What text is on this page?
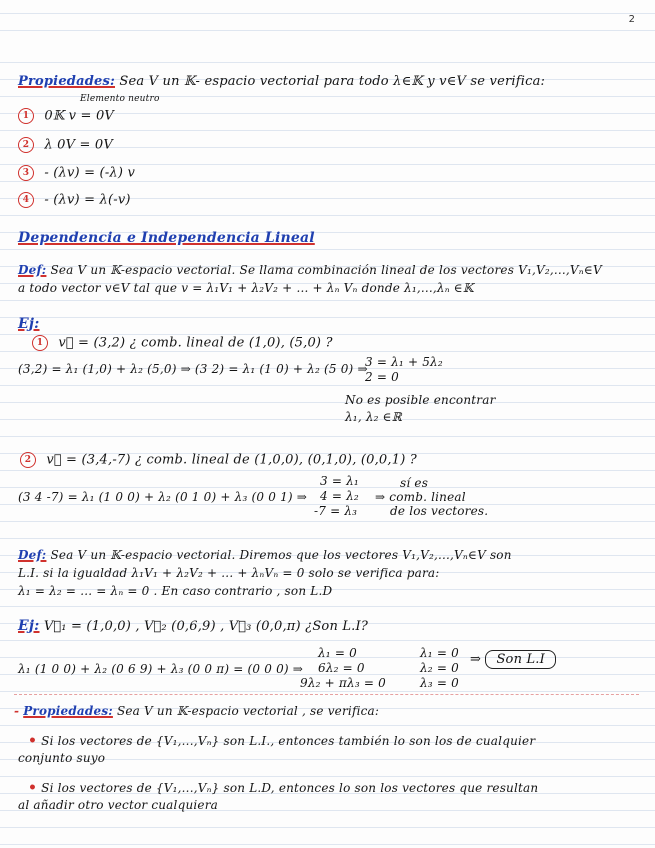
2
Propiedades: Sea V un 𝕂- espacio vectorial para todo λ∈𝕂 y v∈V se verifica:
Elemento neutro
1 0𝕂 v = 0V
2 λ 0V = 0V
3 - (λv) = (-λ) v
4 - (λv) = λ(-v)
Dependencia e Independencia Lineal
Def: Sea V un 𝕂-espacio vectorial. Se llama combinación lineal de los vectores V₁,V₂,...,Vₙ∈V
a todo vector v∈V tal que v = λ₁V₁ + λ₂V₂ + ... + λₙ Vₙ donde λ₁,...,λₙ ∈𝕂
Ej:
1 v⃗ = (3,2) ¿ comb. lineal de (1,0), (5,0) ?
(3,2) = λ₁ (1,0) + λ₂ (5,0) ⇒ (3 2) = λ₁ (1 0) + λ₂ (5 0) ⇒
3 = λ₁ + 5λ₂
2 = 0
No es posible encontrar
λ₁, λ₂ ∈ℝ
2 v⃗ = (3,4,-7) ¿ comb. lineal de (1,0,0), (0,1,0), (0,0,1) ?
(3 4 -7) = λ₁ (1 0 0) + λ₂ (0 1 0) + λ₃ (0 0 1) ⇒
3 = λ₁
4 = λ₂
-7 = λ₃
sí es
⇒ comb. lineal
de los vectores.
Def: Sea V un 𝕂-espacio vectorial. Diremos que los vectores V₁,V₂,...,Vₙ∈V son
L.I. si la igualdad λ₁V₁ + λ₂V₂ + ... + λₙVₙ = 0 solo se verifica para:
λ₁ = λ₂ = ... = λₙ = 0 . En caso contrario , son L.D
Ej: V⃗₁ = (1,0,0) , V⃗₂ (0,6,9) , V⃗₃ (0,0,π) ¿Son L.I?
λ₁ (1 0 0) + λ₂ (0 6 9) + λ₃ (0 0 π) = (0 0 0) ⇒
λ₁ = 0
6λ₂ = 0
9λ₂ + πλ₃ = 0
λ₁ = 0
λ₂ = 0
λ₃ = 0
⇒ Son L.I
- Propiedades: Sea V un 𝕂-espacio vectorial , se verifica:
• Si los vectores de {V₁,...,Vₙ} son L.I., entonces también lo son los de cualquier
conjunto suyo
• Si los vectores de {V₁,...,Vₙ} son L.D, entonces lo son los vectores que resultan
al añadir otro vector cualquiera
